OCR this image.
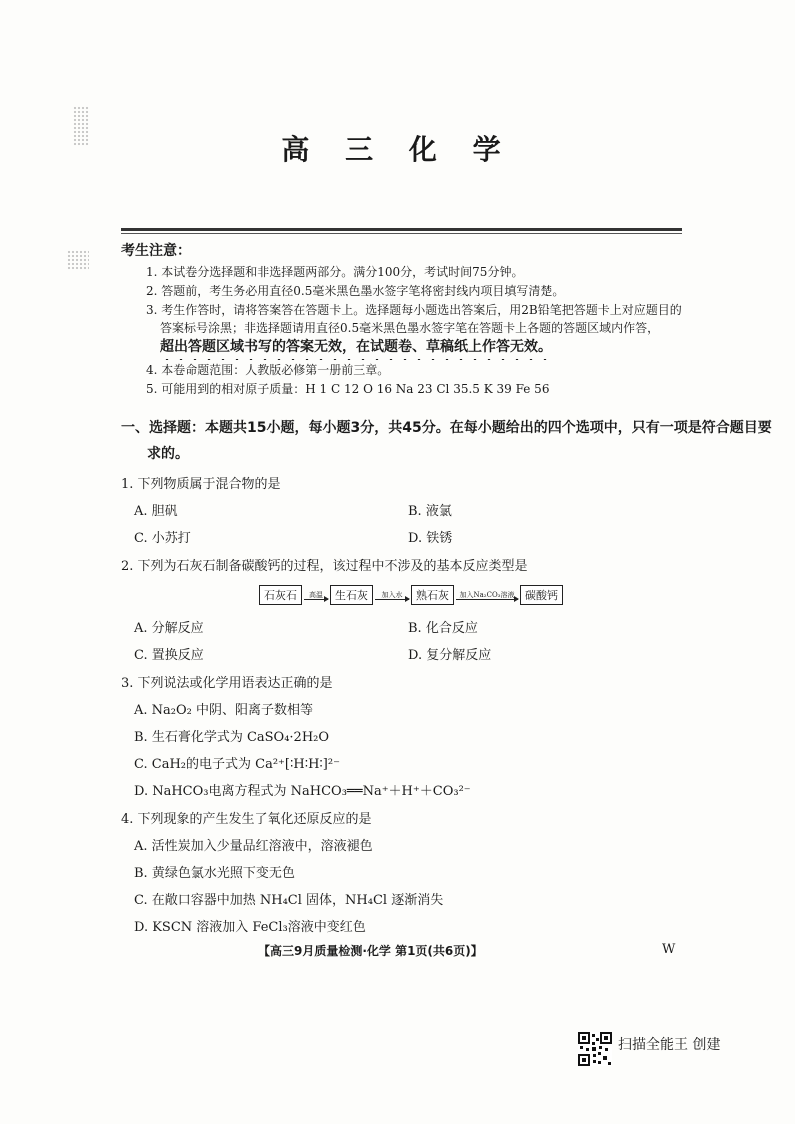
高 三 化 学
考生注意：
1. 本试卷分选择题和非选择题两部分。满分100分，考试时间75分钟。
2. 答题前，考生务必用直径0.5毫米黑色墨水签字笔将密封线内项目填写清楚。
3. 考生作答时，请将答案答在答题卡上。选择题每小题选出答案后，用2B铅笔把答题卡上对应题目的
答案标号涂黑；非选择题请用直径0.5毫米黑色墨水签字笔在答题卡上各题的答题区域内作答，
超出答题区域书写的答案无效，在试题卷、草稿纸上作答无效。
4. 本卷命题范围：人教版必修第一册前三章。
5. 可能用到的相对原子质量：H 1 C 12 O 16 Na 23 Cl 35.5 K 39 Fe 56
一、选择题：本题共15小题，每小题3分，共45分。在每小题给出的四个选项中，只有一项是符合题目要
求的。
1. 下列物质属于混合物的是
A. 胆矾	B. 液氯
C. 小苏打	D. 铁锈
2. 下列为石灰石制备碳酸钙的过程，该过程中不涉及的基本反应类型是
石灰石	高温	生石灰	加入水	熟石灰	加入Na₂CO₃溶液 碳酸钙
A. 分解反应	B. 化合反应
C. 置换反应	D. 复分解反应
3. 下列说法或化学用语表达正确的是
A. Na₂O₂ 中阴、阳离子数相等
B. 生石膏化学式为 CaSO₄·2H₂O
C. CaH₂的电子式为 Ca²⁺[∶H∶H∶]²⁻
D. NaHCO₃电离方程式为 NaHCO₃══Na⁺＋H⁺＋CO₃²⁻
4. 下列现象的产生发生了氧化还原反应的是
A. 活性炭加入少量品红溶液中，溶液褪色
B. 黄绿色氯水光照下变无色
C. 在敞口容器中加热 NH₄Cl 固体，NH₄Cl 逐渐消失
D. KSCN 溶液加入 FeCl₃溶液中变红色
【高三9月质量检测·化学 第1页(共6页)】	W
扫描全能王 创建
